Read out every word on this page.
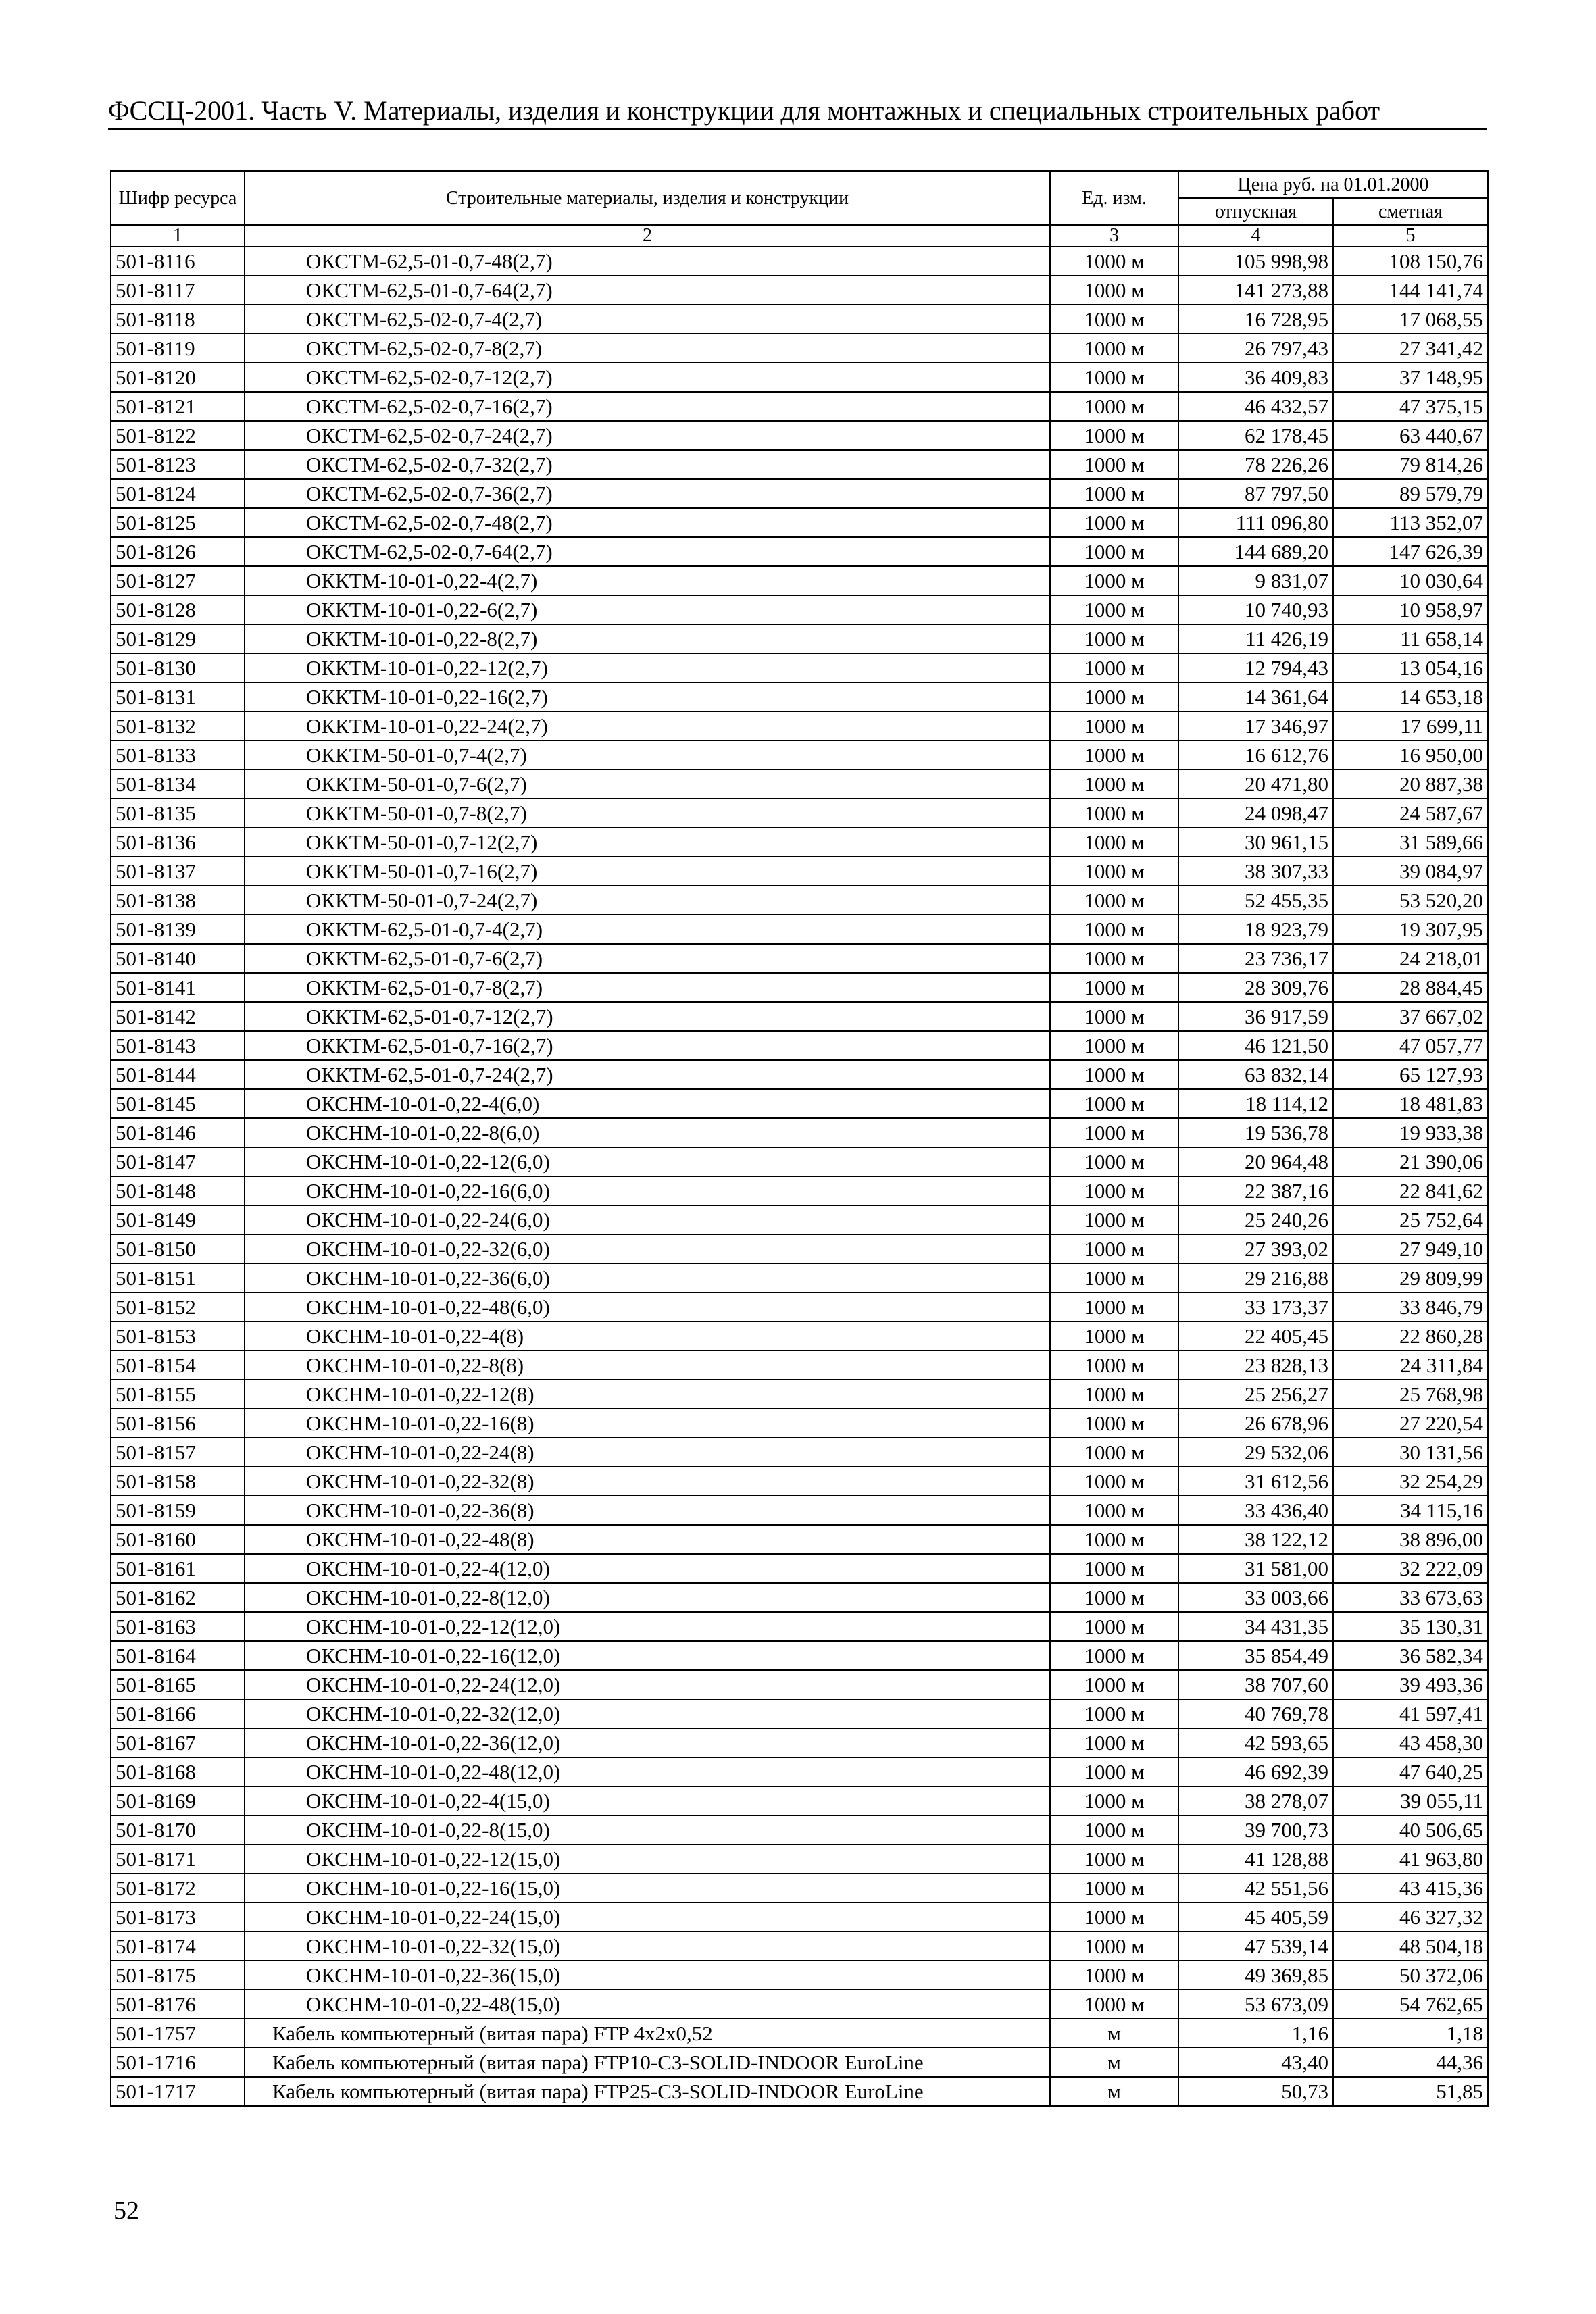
ФССЦ-2001. Часть V. Материалы, изделия и конструкции для монтажных и специальных строительных работ
Шифр ресурса	Строительные материалы, изделия и конструкции	Ед. изм.	Цена руб. на 01.01.2000	
			отпускная	сметная
1	2	3	4	5
501-8116	ОКСТМ-62,5-01-0,7-48(2,7)	1000 м	105 998,98	108 150,76
501-8117	ОКСТМ-62,5-01-0,7-64(2,7)	1000 м	141 273,88	144 141,74
501-8118	ОКСТМ-62,5-02-0,7-4(2,7)	1000 м	16 728,95	17 068,55
501-8119	ОКСТМ-62,5-02-0,7-8(2,7)	1000 м	26 797,43	27 341,42
501-8120	ОКСТМ-62,5-02-0,7-12(2,7)	1000 м	36 409,83	37 148,95
501-8121	ОКСТМ-62,5-02-0,7-16(2,7)	1000 м	46 432,57	47 375,15
501-8122	ОКСТМ-62,5-02-0,7-24(2,7)	1000 м	62 178,45	63 440,67
501-8123	ОКСТМ-62,5-02-0,7-32(2,7)	1000 м	78 226,26	79 814,26
501-8124	ОКСТМ-62,5-02-0,7-36(2,7)	1000 м	87 797,50	89 579,79
501-8125	ОКСТМ-62,5-02-0,7-48(2,7)	1000 м	111 096,80	113 352,07
501-8126	ОКСТМ-62,5-02-0,7-64(2,7)	1000 м	144 689,20	147 626,39
501-8127	ОККТМ-10-01-0,22-4(2,7)	1000 м	9 831,07	10 030,64
501-8128	ОККТМ-10-01-0,22-6(2,7)	1000 м	10 740,93	10 958,97
501-8129	ОККТМ-10-01-0,22-8(2,7)	1000 м	11 426,19	11 658,14
501-8130	ОККТМ-10-01-0,22-12(2,7)	1000 м	12 794,43	13 054,16
501-8131	ОККТМ-10-01-0,22-16(2,7)	1000 м	14 361,64	14 653,18
501-8132	ОККТМ-10-01-0,22-24(2,7)	1000 м	17 346,97	17 699,11
501-8133	ОККТМ-50-01-0,7-4(2,7)	1000 м	16 612,76	16 950,00
501-8134	ОККТМ-50-01-0,7-6(2,7)	1000 м	20 471,80	20 887,38
501-8135	ОККТМ-50-01-0,7-8(2,7)	1000 м	24 098,47	24 587,67
501-8136	ОККТМ-50-01-0,7-12(2,7)	1000 м	30 961,15	31 589,66
501-8137	ОККТМ-50-01-0,7-16(2,7)	1000 м	38 307,33	39 084,97
501-8138	ОККТМ-50-01-0,7-24(2,7)	1000 м	52 455,35	53 520,20
501-8139	ОККТМ-62,5-01-0,7-4(2,7)	1000 м	18 923,79	19 307,95
501-8140	ОККТМ-62,5-01-0,7-6(2,7)	1000 м	23 736,17	24 218,01
501-8141	ОККТМ-62,5-01-0,7-8(2,7)	1000 м	28 309,76	28 884,45
501-8142	ОККТМ-62,5-01-0,7-12(2,7)	1000 м	36 917,59	37 667,02
501-8143	ОККТМ-62,5-01-0,7-16(2,7)	1000 м	46 121,50	47 057,77
501-8144	ОККТМ-62,5-01-0,7-24(2,7)	1000 м	63 832,14	65 127,93
501-8145	ОКСНМ-10-01-0,22-4(6,0)	1000 м	18 114,12	18 481,83
501-8146	ОКСНМ-10-01-0,22-8(6,0)	1000 м	19 536,78	19 933,38
501-8147	ОКСНМ-10-01-0,22-12(6,0)	1000 м	20 964,48	21 390,06
501-8148	ОКСНМ-10-01-0,22-16(6,0)	1000 м	22 387,16	22 841,62
501-8149	ОКСНМ-10-01-0,22-24(6,0)	1000 м	25 240,26	25 752,64
501-8150	ОКСНМ-10-01-0,22-32(6,0)	1000 м	27 393,02	27 949,10
501-8151	ОКСНМ-10-01-0,22-36(6,0)	1000 м	29 216,88	29 809,99
501-8152	ОКСНМ-10-01-0,22-48(6,0)	1000 м	33 173,37	33 846,79
501-8153	ОКСНМ-10-01-0,22-4(8)	1000 м	22 405,45	22 860,28
501-8154	ОКСНМ-10-01-0,22-8(8)	1000 м	23 828,13	24 311,84
501-8155	ОКСНМ-10-01-0,22-12(8)	1000 м	25 256,27	25 768,98
501-8156	ОКСНМ-10-01-0,22-16(8)	1000 м	26 678,96	27 220,54
501-8157	ОКСНМ-10-01-0,22-24(8)	1000 м	29 532,06	30 131,56
501-8158	ОКСНМ-10-01-0,22-32(8)	1000 м	31 612,56	32 254,29
501-8159	ОКСНМ-10-01-0,22-36(8)	1000 м	33 436,40	34 115,16
501-8160	ОКСНМ-10-01-0,22-48(8)	1000 м	38 122,12	38 896,00
501-8161	ОКСНМ-10-01-0,22-4(12,0)	1000 м	31 581,00	32 222,09
501-8162	ОКСНМ-10-01-0,22-8(12,0)	1000 м	33 003,66	33 673,63
501-8163	ОКСНМ-10-01-0,22-12(12,0)	1000 м	34 431,35	35 130,31
501-8164	ОКСНМ-10-01-0,22-16(12,0)	1000 м	35 854,49	36 582,34
501-8165	ОКСНМ-10-01-0,22-24(12,0)	1000 м	38 707,60	39 493,36
501-8166	ОКСНМ-10-01-0,22-32(12,0)	1000 м	40 769,78	41 597,41
501-8167	ОКСНМ-10-01-0,22-36(12,0)	1000 м	42 593,65	43 458,30
501-8168	ОКСНМ-10-01-0,22-48(12,0)	1000 м	46 692,39	47 640,25
501-8169	ОКСНМ-10-01-0,22-4(15,0)	1000 м	38 278,07	39 055,11
501-8170	ОКСНМ-10-01-0,22-8(15,0)	1000 м	39 700,73	40 506,65
501-8171	ОКСНМ-10-01-0,22-12(15,0)	1000 м	41 128,88	41 963,80
501-8172	ОКСНМ-10-01-0,22-16(15,0)	1000 м	42 551,56	43 415,36
501-8173	ОКСНМ-10-01-0,22-24(15,0)	1000 м	45 405,59	46 327,32
501-8174	ОКСНМ-10-01-0,22-32(15,0)	1000 м	47 539,14	48 504,18
501-8175	ОКСНМ-10-01-0,22-36(15,0)	1000 м	49 369,85	50 372,06
501-8176	ОКСНМ-10-01-0,22-48(15,0)	1000 м	53 673,09	54 762,65
501-1757	Кабель компьютерный (витая пара) FTP 4х2х0,52	м	1,16	1,18
501-1716	Кабель компьютерный (витая пара) FTP10-C3-SOLID-INDOOR EuroLine	м	43,40	44,36
501-1717	Кабель компьютерный (витая пара) FTP25-C3-SOLID-INDOOR EuroLine	м	50,73	51,85
52
